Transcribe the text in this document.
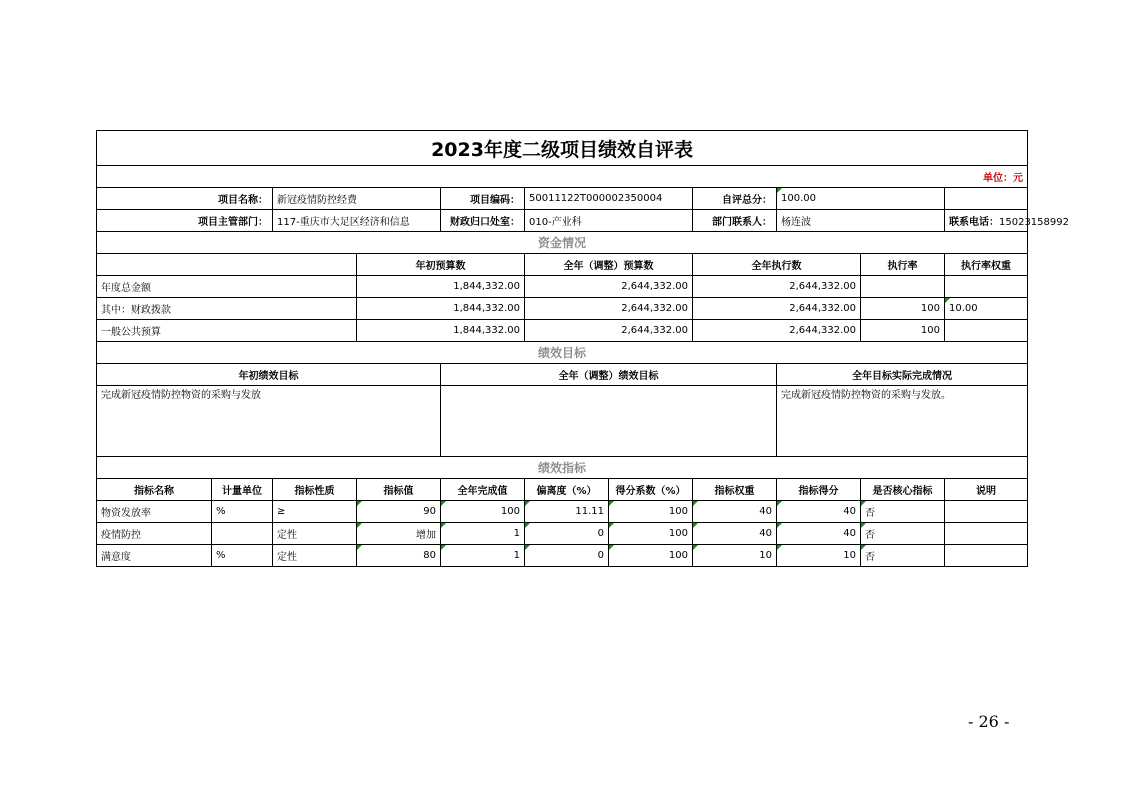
2023年度二级项目绩效自评表											
单位：元											
项目名称：		新冠疫情防控经费		项目编码：	50011122T000002350004		自评总分：	100.00			
项目主管部门：		117-重庆市大足区经济和信息		财政归口处室：	010-产业科		部门联系人：	杨连波		联系电话：15023158992	
资金情况											
			年初预算数		全年（调整）预算数		全年执行数		执行率	执行率权重	
年度总金额			1,844,332.00		2,644,332.00		2,644,332.00				
其中：财政拨款			1,844,332.00		2,644,332.00		2,644,332.00		100	10.00	
一般公共预算			1,844,332.00		2,644,332.00		2,644,332.00		100		
绩效目标											
年初绩效目标				全年（调整）绩效目标				全年目标实际完成情况			
完成新冠疫情防控物资的采购与发放								完成新冠疫情防控物资的采购与发放。			
绩效指标											
指标名称	计量单位	指标性质	指标值	全年完成值	偏离度（%）	得分系数（%）	指标权重	指标得分	是否核心指标	说明	
物资发放率	%	≥	90	100	11.11	100	40	40	否		
疫情防控		定性	增加	1	0	100	40	40	否		
满意度	%	定性	80	1	0	100	10	10	否		
- 26 -
